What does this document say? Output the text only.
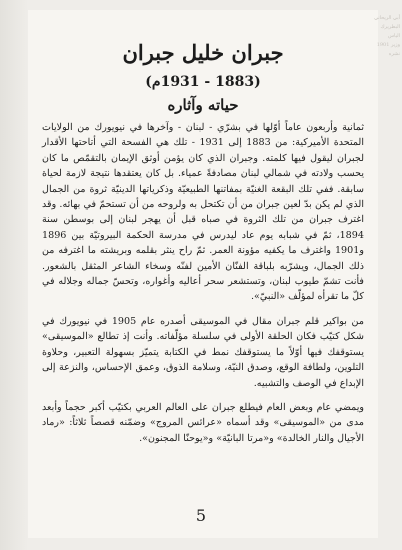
أبي الريحاني
البطريرك
الياس
وزير 1901
نشره
جبران خليل جبران
(1883 - 1931م)
حياته وآثاره

ثمانية وأربعون عاماً أوّلها في بشرّي - لبنان - وآخرها في نيويورك من الولايات المتحدة الأميركية: من 1883 إلى 1931 - تلك هي الفسحة التي أتاحتها الأقدار لجبران ليقول فيها كلمته. وجبران الذي كان يؤمن أوثق الإيمان بالتقمّص ما كان يحسب ولادته في شمالي لبنان مصادفةً عمياء. بل كان يعتقدها نتيجة لازمة لحياة سابقة. ففي تلك البقعة الغنيّة بمفاتنها الطبيعيّة وذكرياتها الدينيّة ثروة من الجمال الذي لم يكن بدّ لعين جبران من أن تكتحل به ولروحه من أن تستحمّ في بهائه. وقد اغترف جبران من تلك الثروة في صباه قبل أن يهجر لبنان إلى بوسطن سنة 1894، ثمّ في شبابه يوم عاد ليدرس في مدرسة الحكمة البيروتيّة بين 1896 و1901 واغترف ما يكفيه مؤونة العمر. ثمّ راح ينثر بقلمه وبريشته ما اغترفه من ذلك الجمال، ويشرّبه بلباقة الفنّان الأمين لفنّه وسخاء الشاعر المثقل بالشعور. فأنت تشمّ طيوب لبنان، وتستشعر سحر أعاليه وأغواره، وتحسّ جماله وجلاله في كلّ ما تقرأه لمؤلّف «النبيّ».

من بواكير قلم جبران مقال في الموسيقى أصدره عام 1905 في نيويورك في شكل كتيّب فكان الحلقة الأولى في سلسلة مؤلّفاته. وأنت إذ تطالع «الموسيقى» يستوقفك فيها أوّلاً ما يستوقفك نمط في الكتابة يتميّز بسهولة التعبير، وحلاوة التلوين، ولطافة الوقع، وصدق النيّة، وسلامة الذوق، وعمق الإحساس، والنزعة إلى الإبداع في الوصف والتشبيه.

ويمضي عام وبعض العام فيطلع جبران على العالم العربي بكتيّب أكبر حجماً وأبعد مدى من «الموسيقى» وقد أسماه «عرائس المروج» وضمّنه قصصاً ثلاثاً: «رماد الأجيال والنار الخالدة» و«مرتا البانيّة» و«يوحنّا المجنون».

5
